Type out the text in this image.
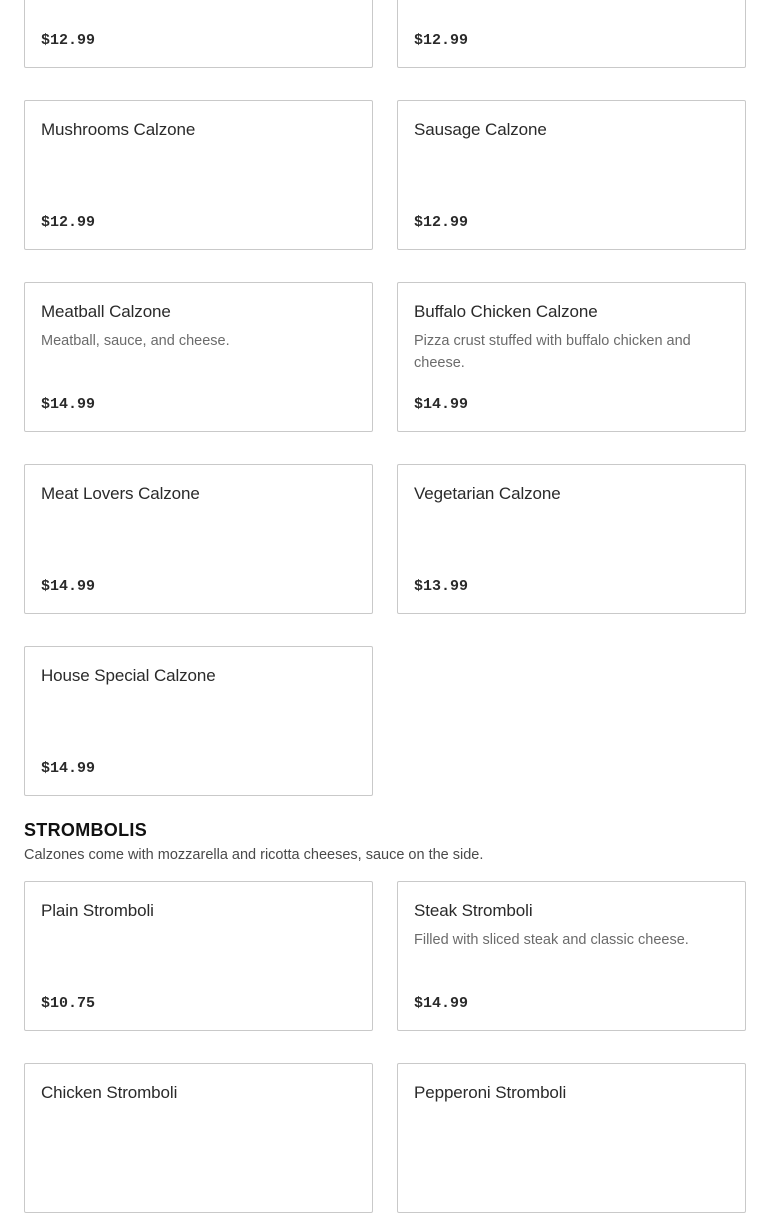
$12.99	$12.99
Mushrooms Calzone
$12.99
Sausage Calzone
$12.99
Meatball Calzone
Meatball, sauce, and cheese.
$14.99
Buffalo Chicken Calzone
Pizza crust stuffed with buffalo chicken and cheese.
$14.99
Meat Lovers Calzone
$14.99
Vegetarian Calzone
$13.99
House Special Calzone
$14.99
STROMBOLIS

Calzones come with mozzarella and ricotta cheeses, sauce on the side.

Plain Stromboli
$10.75
Steak Stromboli
Filled with sliced steak and classic cheese.
$14.99
Chicken Stromboli	Pepperoni Stromboli
